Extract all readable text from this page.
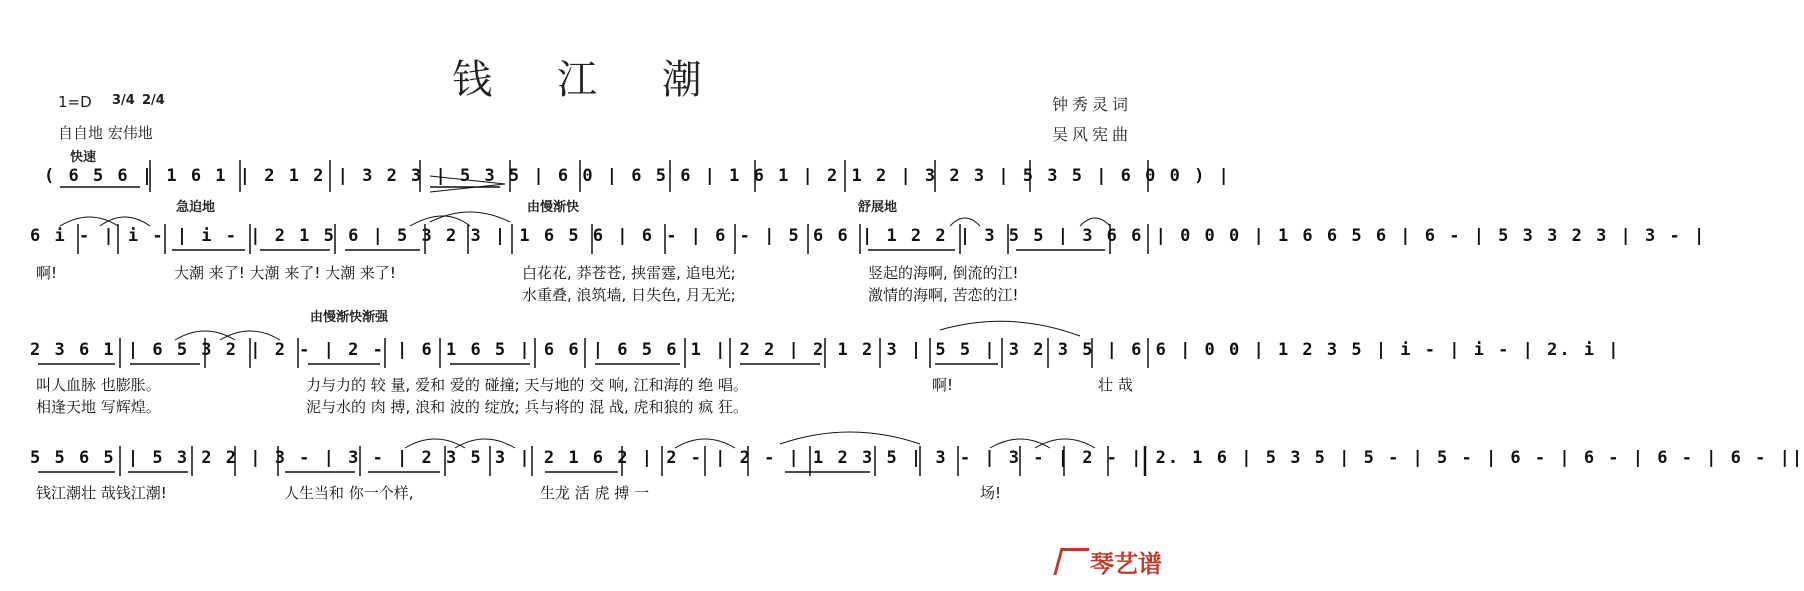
钱 江 潮
1=D 3/4 2/4
自自地 宏伟地
钟秀灵词
吴风宪曲
快速
( 6 5 6 | 1 6 1 | 2 1 2 | 3 2 3 | 5 3 5 | 6 0 | 6 5 6 | 1 6 1 | 2 1 2 | 3 2 3 | 5 3 5 | 6 0 0 ) |
急迫地	由慢渐快	舒展地
6 i - | i - | i - | 2 1 5 6 | 5 3 2 3 | 1 6 5 6 | 6 - | 6 - | 5 6 6 | 1 2 2 | 3 5 5 | 3 6 6 | 0 0 0 | 1 6 6 5 6 | 6 - | 5 3 3 2 3 | 3 - |
啊!	大潮 来了! 大潮 来了! 大潮 来了!	白花花, 莽苍苍, 挟雷霆, 追电光;
水重叠, 浪筑墙, 日失色, 月无光;
竖起的海啊, 倒流的江!
激情的海啊, 苦恋的江!
由慢渐快渐强
2 3 6 1 | 6 5 3 2 | 2 - | 2 - | 6 1 6 5 | 6 6 | 6 5 6 1 | 2 2 | 2 1 2 3 | 5 5 | 3 2 3 5 | 6 6 | 0 0 | 1 2 3 5 | i - | i - | 2. i |
叫人血脉 也膨胀。
相逢天地 写辉煌。
力与力的 较 量, 爱和 爱的 碰撞; 天与地的 交 响, 江和海的 绝 唱。
泥与水的 肉 搏, 浪和 波的 绽放; 兵与将的 混 战, 虎和狼的 疯 狂。
啊!	壮 哉
5 5 6 5 | 5 3 2 2 | 3 - | 3 - | 2 3 5 3 | 2 1 6 2 | 2 - | 2 - | 1 2 3 5 | 3 - | 3 - | 2 - | 2. 1 6 | 5 3 5 | 5 - | 5 - | 6 - | 6 - | 6 - | 6 - ||
钱江潮壮 哉钱江潮!	人生当和 你一个样,	生龙 活 虎 搏 一	场!
琴艺谱
